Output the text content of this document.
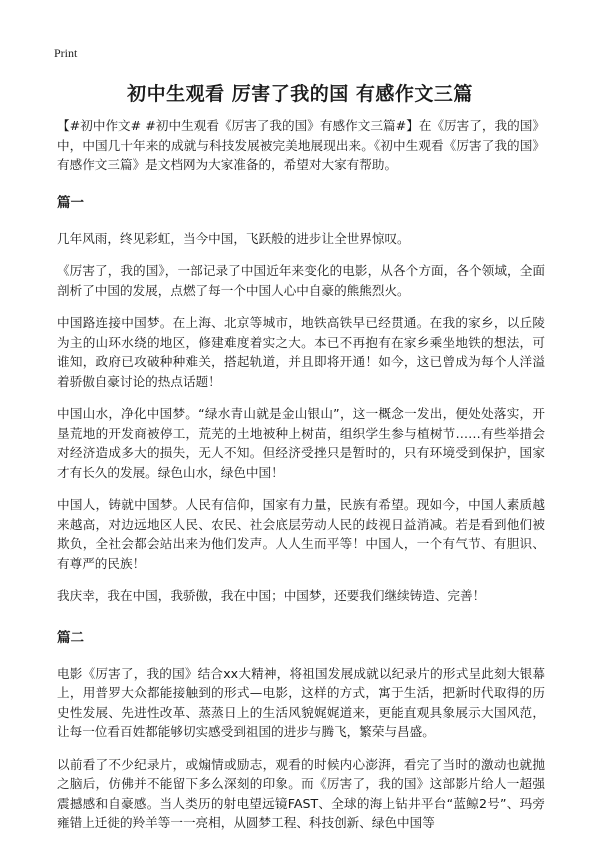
Print
初中生观看 厉害了我的国 有感作文三篇

【#初中作文# #初中生观看《厉害了我的国》有感作文三篇#】在《厉害了，我的国》中，中国几十年来的成就与科技发展被完美地展现出来。《初中生观看《厉害了我的国》有感作文三篇》是文档网为大家准备的，希望对大家有帮助。

篇一

几年风雨，终见彩虹，当今中国，飞跃般的进步让全世界惊叹。

《厉害了，我的国》，一部记录了中国近年来变化的电影，从各个方面，各个领域，全面剖析了中国的发展，点燃了每一个中国人心中自豪的熊熊烈火。

中国路连接中国梦。在上海、北京等城市，地铁高铁早已经贯通。在我的家乡，以丘陵为主的山环水绕的地区，修建难度着实之大。本已不再抱有在家乡乘坐地铁的想法，可谁知，政府已攻破种种难关，搭起轨道，并且即将开通！如今，这已曾成为每个人洋溢着骄傲自豪讨论的热点话题！

中国山水，净化中国梦。“绿水青山就是金山银山”，这一概念一发出，便处处落实，开垦荒地的开发商被停工，荒芜的土地被种上树苗，组织学生参与植树节……有些举措会对经济造成多大的损失，无人不知。但经济受挫只是暂时的，只有环境受到保护，国家才有长久的发展。绿色山水，绿色中国！

中国人，铸就中国梦。人民有信仰，国家有力量，民族有希望。现如今，中国人素质越来越高，对边远地区人民、农民、社会底层劳动人民的歧视日益消减。若是看到他们被欺负，全社会都会站出来为他们发声。人人生而平等！中国人，一个有气节、有胆识、有尊严的民族！

我庆幸，我在中国，我骄傲，我在中国；中国梦，还要我们继续铸造、完善！

篇二

电影《厉害了，我的国》结合xx大精神，将祖国发展成就以纪录片的形式呈此刻大银幕上，用普罗大众都能接触到的形式—电影，这样的方式，寓于生活，把新时代取得的历史性发展、先进性改革、蒸蒸日上的生活风貌娓娓道来，更能直观具象展示大国风范，让每一位看百姓都能够切实感受到祖国的进步与腾飞，繁荣与昌盛。

以前看了不少纪录片，或煽情或励志，观看的时候内心澎湃，看完了当时的激动也就抛之脑后，仿佛并不能留下多么深刻的印象。而《厉害了，我的国》这部影片给人一超强震撼感和自豪感。当人类历的射电望远镜FAST、全球的海上钻井平台“蓝鲸2号”、玛旁雍错上迁徙的羚羊等一一亮相，从圆梦工程、科技创新、绿色中国等
